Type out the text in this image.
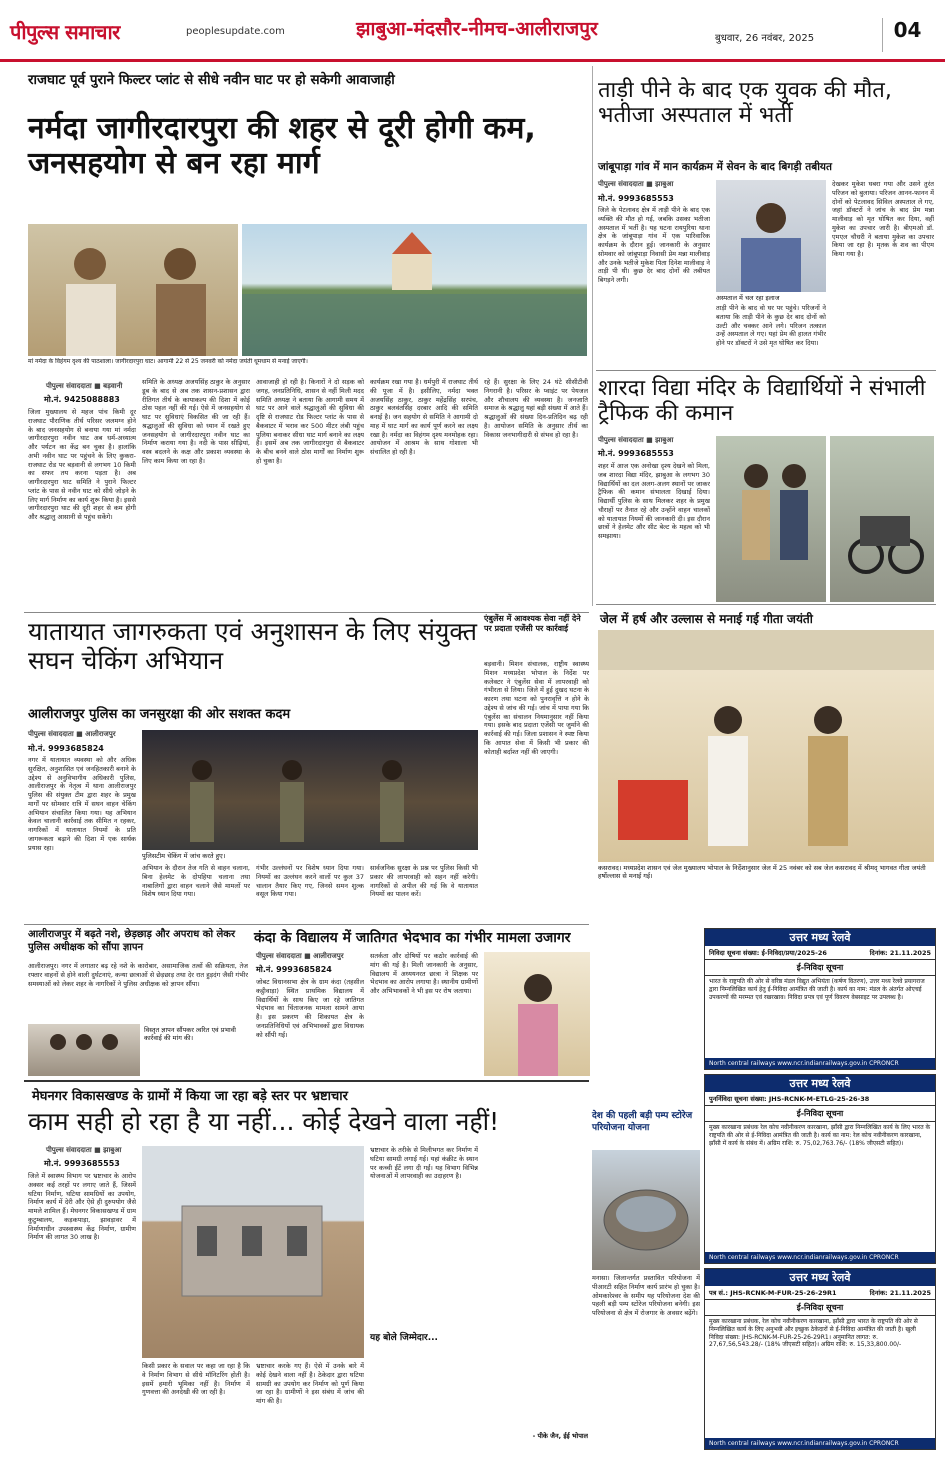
पीपुल्स समाचार	peoplesupdate.com	झाबुआ-मंदसौर-नीमच-आलीराजपुर	बुधवार, 26 नवंबर, 2025	04
राजघाट पूर्व पुराने फिल्टर प्लांट से सीधे नवीन घाट पर हो सकेगी आवाजाही
नर्मदा जागीरदारपुरा की शहर से दूरी होगी कम, जनसहयोग से बन रहा मार्ग
मां नर्मदा के विहंगम दृश्य की पाठशाला। जागीरदारपुरा घाट। आगामी 22 से 25 जनवरी को नर्मदा जयंती धूमधाम से मनाई जाएगी।
पीपुल्स संवाददाता ■ बड़वानी
मो.नं. 9425088883
जिला मुख्यालय से महज पांच किमी दूर राजघाट पौराणिक तीर्थ परिसर जलमग्न होने के बाद जनसहयोग से बनाया गया मां नर्मदा जागीरदारपुरा नवीन घाट अब धर्म-अध्यात्म और पर्यटन का केंद्र बन चुका है। हालांकि अभी नवीन घाट पर पहुंचने के लिए कुकरा-राजघाट रोड पर बड़वानी से लगभग 10 किमी का सफर तय करना पड़ता है। अब जागीरदारपुरा घाट समिति ने पुराने फिल्टर प्लांट के पास से नवीन घाट को सीधे जोड़ने के लिए मार्ग निर्माण का कार्य शुरू किया है। इससे जागीरदारपुरा घाट की दूरी शहर से कम होगी और श्रद्धालु आसानी से पहुंच सकेंगे।
समिति के अध्यक्ष अजयसिंह ठाकुर के अनुसार डूब के बाद से अब तक शासन-प्रशासन द्वारा रीतिगत तीर्थ के कायाकल्प की दिशा में कोई ठोस पहल नहीं की गई। ऐसे में जनसहयोग से घाट पर सुविधाएं विकसित की जा रही हैं। श्रद्धालुओं की सुविधा को ध्यान में रखते हुए जनसहयोग से जागीरदारपुरा नवीन घाट का निर्माण कराया गया है। नदी के पास सीढ़ियां, वस्त्र बदलने के कक्ष और प्रकाश व्यवस्था के लिए काम किया जा रहा है।
आवाजाही हो रही है। किनारों ने दो सड़क को जगह, जनप्रतिनिधि, शासन से नहीं मिली मदद समिति अध्यक्ष ने बताया कि आगामी समय में घाट पर आने वाले श्रद्धालुओं की सुविधा की दृष्टि से राजघाट रोड फिल्टर प्लांट के पास से बैकवाटर में भराव कर 500 मीटर लंबी पहुंच पुलिया बनाकर सीधा घाट मार्ग बनाने का लक्ष्य है। इसमें अब तक जागीरदारपुरा से बैकवाटर के बीच बनने वाले ठोस मार्गों का निर्माण शुरू हो चुका है।
कार्यक्रम रखा गया है। धर्मपुरी में राजघाट तीर्थ की पूजा में है। इसीलिए, नर्मदा भक्त अजयसिंह ठाकुर, ठाकुर महेंद्रसिंह सरपंच, ठाकुर बलवंतसिंह दरबार आदि की समिति बनाई है। जन सहयोग से समिति ने आगामी दो माह में घाट मार्ग का कार्य पूर्ण करने का लक्ष्य रखा है। नर्मदा का विहंगम दृश्य मनमोहक रहा। आयोजन में आश्रम के साथ गोशाला भी संचालित हो रही है।
रहे हैं। सुरक्षा के लिए 24 घंटे सीसीटीवी निगरानी है। परिसर के प्वाइंट पर पेयजल और शौचालय की व्यवस्था है। जनजाति समाज के श्रद्धालु यहां बड़ी संख्या में आते हैं। श्रद्धालुओं की संख्या दिन-प्रतिदिन बढ़ रही है। आयोजन समिति के अनुसार तीर्थ का विकास जनभागीदारी से संभव हो रहा है।
ताड़ी पीने के बाद एक युवक की मौत, भतीजा अस्पताल में भर्ती
जांबूपाड़ा गांव में मान कार्यक्रम में सेवन के बाद बिगड़ी तबीयत
पीपुल्स संवाददाता ■ झाबुआ
मो.नं. 9993685553
जिले के पेटलावद क्षेत्र में ताड़ी पीने के बाद एक व्यक्ति की मौत हो गई, जबकि उसका भतीजा अस्पताल में भर्ती है। यह घटना रायपुरिया थाना क्षेत्र के जांबूपाड़ा गांव में एक पारिवारिक कार्यक्रम के दौरान हुई। जानकारी के अनुसार सोमवार को जांबूपाड़ा निवासी प्रेम मन्ना मालीवाड़ और उनके भतीजे मुकेश पिता दिनेश मालीवाड़ ने ताड़ी पी थी। कुछ देर बाद दोनों की तबीयत बिगड़ने लगी।
अस्पताल में चल रहा इलाज
ताड़ी पीने के बाद वो घर पर पहुंचे। परिजनों ने बताया कि ताड़ी पीने के कुछ देर बाद दोनों को उल्टी और चक्कर आने लगे। परिजन तत्काल उन्हें अस्पताल ले गए। यहां प्रेम की हालत गंभीर होने पर डॉक्टरों ने उसे मृत घोषित कर दिया।
देखकर मुकेश घबरा गया और उसने तुरंत परिजन को बुलाया। परिजन आनन-फानन में दोनों को पेटलावद सिविल अस्पताल ले गए, जहां डॉक्टरों ने जांच के बाद प्रेम मन्ना मालीवाड़ को मृत घोषित कर दिया, वहीं मुकेश का उपचार जारी है। बीएमओ डॉ. एमएल चौधरी ने बताया मुकेश का उपचार किया जा रहा है। मृतक के शव का पीएम किया गया है।
शारदा विद्या मंदिर के विद्यार्थियों ने संभाली ट्रैफिक की कमान
पीपुल्स संवाददाता ■ झाबुआ
मो.नं. 9993685553
शहर में आज एक अनोखा दृश्य देखने को मिला, जब शारदा विद्या मंदिर, झाबुआ के लगभग 30 विद्यार्थियों का दल अलग-अलग स्थानों पर जाकर ट्रैफिक की कमान संभालता दिखाई दिया। विद्यार्थी पुलिस के साथ मिलकर शहर के प्रमुख चौराहों पर तैनात रहे और उन्होंने वाहन चालकों को यातायात नियमों की जानकारी दी। इस दौरान छात्रों ने हेलमेट और सीट बेल्ट के महत्व को भी समझाया।
जेल में हर्ष और उल्लास से मनाई गई गीता जयंती
कसरावद। मध्यप्रदेश शासन एवं जेल मुख्यालय भोपाल के निर्देशानुसार जेल में 25 नवंबर को सब जेल कसरावद में श्रीमद् भागवत गीता जयंती हर्षोल्लास से मनाई गई।
यातायात जागरुकता एवं अनुशासन के लिए संयुक्त सघन चेकिंग अभियान
आलीराजपुर पुलिस का जनसुरक्षा की ओर सशक्त कदम
पीपुल्स संवाददाता ■ आलीराजपुर
मो.नं. 9993685824
नगर में यातायात व्यवस्था को और अधिक सुरक्षित, अनुशासित एवं जनहितकारी बनाने के उद्देश्य से अनुविभागीय अधिकारी पुलिस, आलीराजपुर के नेतृत्व में थाना आलीराजपुर पुलिस की संयुक्त टीम द्वारा शहर के प्रमुख मार्गों पर सोमवार रात्रि में सघन वाहन चेकिंग अभियान संचालित किया गया। यह अभियान केवल चालानी कार्रवाई तक सीमित न रहकर, नागरिकों में यातायात नियमों के प्रति जागरूकता बढ़ाने की दिशा में एक सार्थक प्रयास रहा।
पुलिसटीम चेकिंग में जांच करते हुए।
अभियान के दौरान तेज गति से वाहन चलाना, बिना हेलमेट के दोपहिया चलाना तथा नाबालिगों द्वारा वाहन चलाने जैसे मामलों पर विशेष ध्यान दिया गया।
गंभीर उल्लंघनों पर विशेष ध्यान दिया गया। नियमों का उल्लंघन करने वालों पर कुल 37 चालान तैयार किए गए, जिनसे समन शुल्क वसूल किया गया।
सार्वजनिक सुरक्षा के प्रश्न पर पुलिस किसी भी प्रकार की लापरवाही को सहन नहीं करेगी। नागरिकों से अपील की गई कि वे यातायात नियमों का पालन करें।
एंबुलेंस में आवश्यक सेवा नहीं देने पर प्रदाता एजेंसी पर कार्रवाई
बड़वानी। मिशन संचालक, राष्ट्रीय स्वास्थ्य मिशन मध्यप्रदेश भोपाल के निर्देश पर कलेक्टर ने एंबुलेंस सेवा में लापरवाही को गंभीरता से लिया। जिले में हुई दुखद घटना के कारण तथा घटना को पुनरावृत्ति न होने के उद्देश्य से जांच की गई। जांच में पाया गया कि एंबुलेंस का संचालन नियमानुसार नहीं किया गया। इसके बाद प्रदाता एजेंसी पर जुर्माने की कार्रवाई की गई। जिला प्रशासन ने स्पष्ट किया कि आपात सेवा में किसी भी प्रकार की कोताही बर्दाश्त नहीं की जाएगी।
आलीराजपुर में बढ़ते नशे, छेड़छाड़ और अपराध को लेकर पुलिस अधीक्षक को सौंपा ज्ञापन
आलीराजपुर। नगर में लगातार बढ़ रहे नशे के कारोबार, असामाजिक तत्वों की सक्रियता, तेज रफ्तार वाहनों से होने वाली दुर्घटनाएं, कन्या छात्राओं से छेड़छाड़ तथा देर रात हुड़दंग जैसी गंभीर समस्याओं को लेकर शहर के नागरिकों ने पुलिस अधीक्षक को ज्ञापन सौंपा।
विस्तृत ज्ञापन सौंपकर त्वरित एवं प्रभावी कार्रवाई की मांग की।
कंदा के विद्यालय में जातिगत भेदभाव का गंभीर मामला उजागर
पीपुल्स संवाददाता ■ आलीराजपुर
मो.नं. 9993685824
जोबट विधानसभा क्षेत्र के ग्राम कंदा (तहसील कट्ठीवाड़ा) स्थित प्राथमिक विद्यालय में विद्यार्थियों के साथ किए जा रहे जातिगत भेदभाव का चिंताजनक मामला सामने आया है। इस प्रकरण की शिकायत क्षेत्र के जनप्रतिनिधियों एवं अभिभावकों द्वारा विधायक को सौंपी गई।
सतर्कता और दोषियों पर कठोर कार्रवाई की मांग की गई है। मिली जानकारी के अनुसार, विद्यालय में अध्ययनरत छात्रा ने शिक्षक पर भेदभाव का आरोप लगाया है। स्थानीय ग्रामीणों और अभिभावकों ने भी इस पर रोष जताया।
मेघनगर विकासखण्ड के ग्रामों में किया जा रहा बड़े स्तर पर भ्रष्टाचार
काम सही हो रहा है या नहीं... कोई देखने वाला नहीं!
पीपुल्स संवाददाता ■ झाबुआ
मो.नं. 9993685553
जिले में स्वास्थ्य विभाग पर भ्रष्टाचार के आरोप अक्सर कई तरहों पर लगाए जाते हैं, जिसमें घटिया निर्माण, घटिया सामग्रियों का उपयोग, निर्माण कार्य में देरी और ऐसे ही दुरुपयोग जैसे मामले शामिल हैं। मेघनगर विकासखण्ड में ग्राम कुटुम्बालय, कड़कपाड़ा, झावड़ावर में निर्माणाधीन उपस्वास्थ्य केंद्र निर्माण, ग्रामीण निर्माण की लागत 30 लाख है।
किसी प्रकार के सवाल पर कहा जा रहा है कि वे निर्माण विभाग से सीधे मॉनिटरिंग होती है। इसमें हमारी भूमिका नहीं है। निर्माण में गुणवत्ता की अनदेखी की जा रही है।
भ्रष्टाचार करके गए हैं। ऐसे में उनके बारे में कोई देखने वाला नहीं है। ठेकेदार द्वारा घटिया सामग्री का उपयोग कर निर्माण को पूर्ण किया जा रहा है। ग्रामीणों ने इस संबंध में जांच की मांग की है।
भ्रष्टाचार के तरीके से मिलीभगत कर निर्माण में घटिया सामग्री लगाई गई। यहां कंक्रीट के स्थान पर कच्ची ईंटें लगा दी गईं। यह विभाग विभिन्न योजनाओं में लापरवाही का उदाहरण है।
यह बोले जिम्मेदार...
- पीके जैन, ईई भोपाल
देश की पहली बड़ी पम्प स्टोरेज परियोजना योजना
मनासा। जिलान्तर्गत प्रस्तावित परियोजना में पीआरटी सहित निर्माण कार्य प्रारंभ हो चुका है। ओमकारेश्वर के समीप यह परियोजना देश की पहली बड़ी पम्प स्टोरेज परियोजना बनेगी। इस परियोजना से क्षेत्र में रोजगार के अवसर बढ़ेंगे।
उत्तर मध्य रेलवे
निविदा सूचना संख्या: ई-निविदा/प्रया/2025-26	दिनांक: 21.11.2025
ई-निविदा सूचना
भारत के राष्ट्रपति की ओर से वरिष्ठ मंडल विद्युत अभियंता (कर्षण वितरण), उत्तर मध्य रेलवे प्रयागराज द्वारा निम्नलिखित कार्य हेतु ई-निविदा आमंत्रित की जाती है। कार्य का नाम: मंडल के अंतर्गत ओएचई उपकरणों की मरम्मत एवं रखरखाव। निविदा प्रपत्र एवं पूर्ण विवरण वेबसाइट पर उपलब्ध है।
North central railways www.ncr.indianrailways.gov.in CPRONCR
उत्तर मध्य रेलवे
पुनर्निविदा सूचना संख्या: JHS-RCNK-M-ETLG-25-26-38
ई-निविदा सूचना
मुख्य कारखाना प्रबंधक रेल कोच नवीनीकरण कारखाना, झाँसी द्वारा निम्नलिखित कार्य के लिए भारत के राष्ट्रपति की ओर से ई-निविदा आमंत्रित की जाती है। कार्य का नाम: रेल कोच नवीनीकरण कारखाना, झाँसी में कार्य के संबंध में। अग्रिम राशि: रु. 75,02,763.76/- (18% जीएसटी सहित)।
North central railways www.ncr.indianrailways.gov.in CPRONCR
उत्तर मध्य रेलवे
पत्र सं.: JHS-RCNK-M-FUR-25-26-29R1	दिनांक: 21.11.2025
ई-निविदा सूचना
मुख्य कारखाना प्रबंधक, रेल कोच नवीनीकरण कारखाना, झाँसी द्वारा भारत के राष्ट्रपति की ओर से निम्नलिखित कार्य के लिए अनुभवी और इच्छुक ठेकेदारों से ई-निविदा आमंत्रित की जाती है। खुली निविदा संख्या: JHS-RCNK-M-FUR-25-26-29R1। अनुमानित लागत: रु. 27,67,56,543.28/- (18% जीएसटी सहित)। अग्रिम राशि: रु. 15,33,800.00/-
North central railways www.ncr.indianrailways.gov.in CPRONCR
